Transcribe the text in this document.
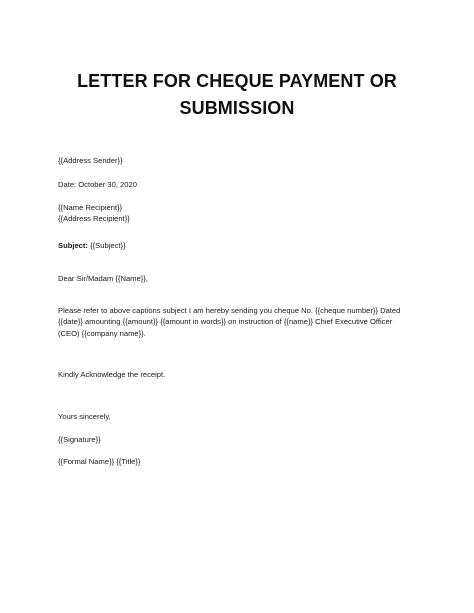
LETTER FOR CHEQUE PAYMENT OR
SUBMISSION
{{Address Sender}}
Date: October 30, 2020
{{Name Recipient}}
{{Address Recipient}}
Subject: {{Subject}}
Dear Sir/Madam {{Name}},
Please refer to above captions subject I am hereby sending you cheque No. {{cheque number}} Dated
{{date}} amounting {{amount}} {{amount in words}} on instruction of {{name}} Chief Executive Officer
(CEO) {{company name}}.
Kindly Acknowledge the receipt.
Yours sincerely,
{{Signature}}
{{Formal Name}} {{Title}}
